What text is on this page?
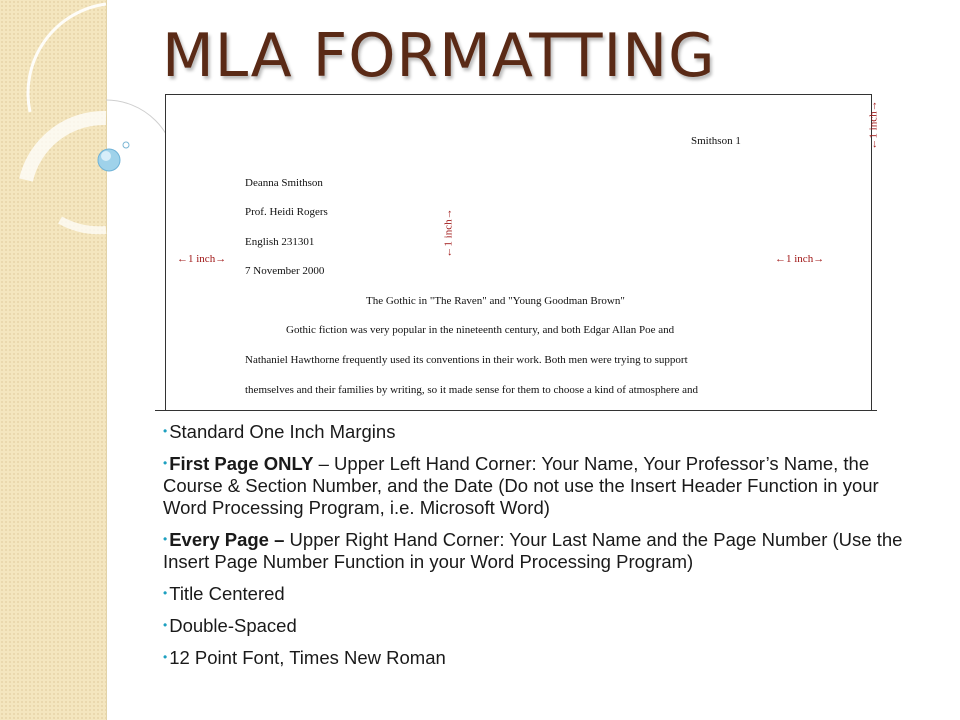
MLA FORMATTING
←1 inch→
←1 inch→
Smithson 1
Deanna Smithson
Prof. Heidi Rogers
English 231301
7 November 2000
←1 inch→	←1 inch→
The Gothic in "The Raven" and "Young Goodman Brown"
Gothic fiction was very popular in the nineteenth century, and both Edgar Allan Poe and
Nathaniel Hawthorne frequently used its conventions in their work. Both men were trying to support
themselves and their families by writing, so it made sense for them to choose a kind of atmosphere and
• Standard One Inch Margins
• First Page ONLY – Upper Left Hand Corner: Your Name, Your Professor’s Name, the Course & Section Number, and the Date (Do not use the Insert Header Function in your Word Processing Program, i.e. Microsoft Word)
• Every Page – Upper Right Hand Corner: Your Last Name and the Page Number (Use the Insert Page Number Function in your Word Processing Program)
• Title Centered
• Double-Spaced
• 12 Point Font, Times New Roman
